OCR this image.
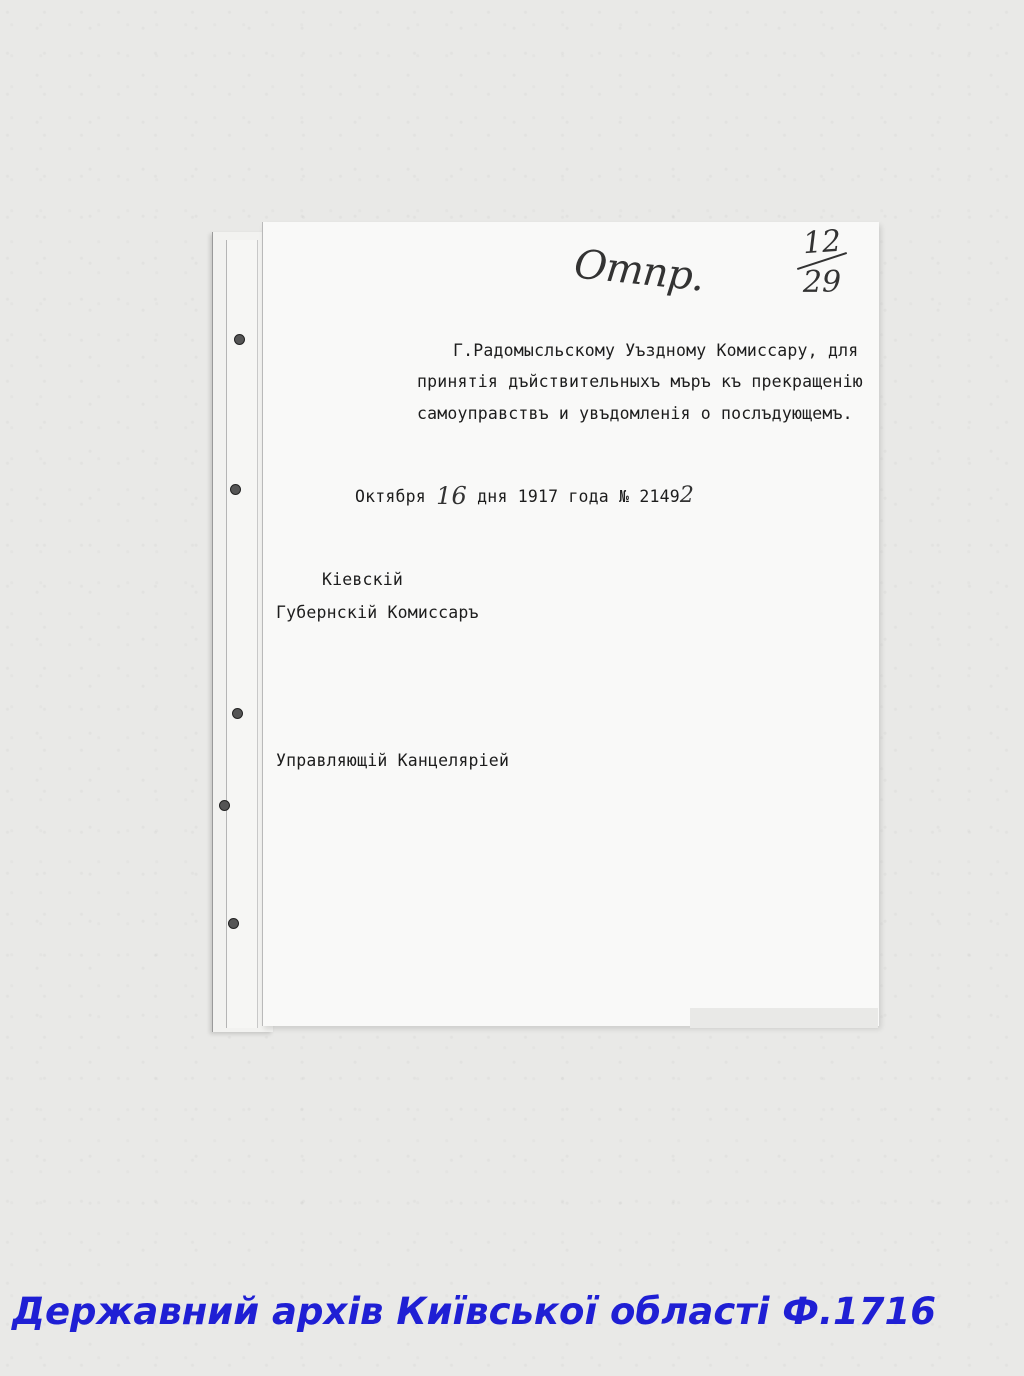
Отпр.	12
29
Г.Радомысльскому Уъздному Комиссару, для
принятія дъйствительныхъ мъръ къ прекращенію
самоуправствъ и увъдомленія о послъдующемъ.
Октября 16 дня 1917 года № 21492
Кіевскій
Губернскій Комиссаръ
Управляющій Канцеляріей
Державний архів Київської області Ф.1716
